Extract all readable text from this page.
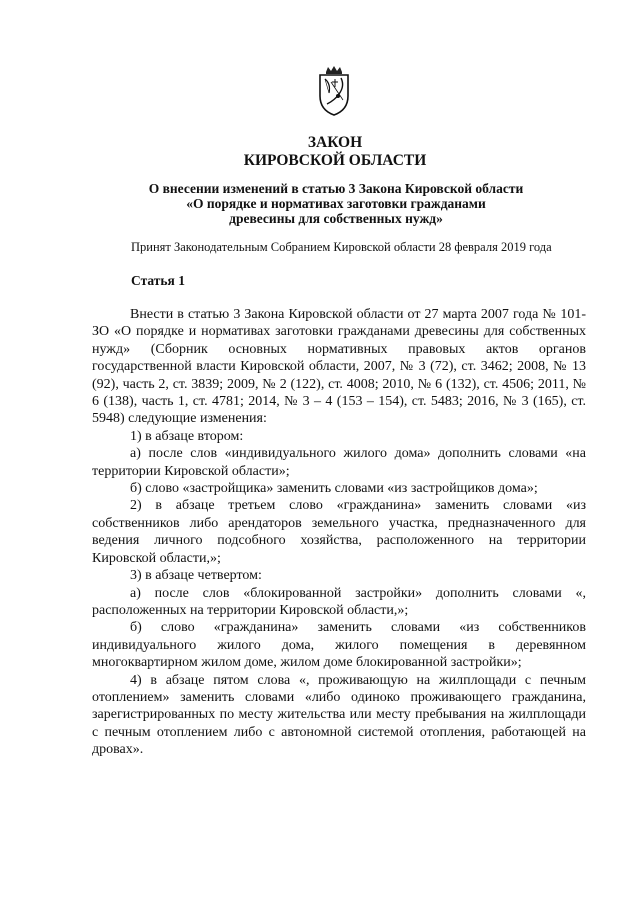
ЗАКОН
КИРОВСКОЙ ОБЛАСТИ
О внесении изменений в статью 3 Закона Кировской области
«О порядке и нормативах заготовки гражданами
древесины для собственных нужд»
Принят Законодательным Собранием Кировской области 28 февраля 2019 года
Статья 1

Внести в статью 3 Закона Кировской области от 27 марта 2007 года № 101-ЗО «О порядке и нормативах заготовки гражданами древесины для собственных нужд» (Сборник основных нормативных правовых актов органов государственной власти Кировской области, 2007, № 3 (72), ст. 3462; 2008, № 13 (92), часть 2, ст. 3839; 2009, № 2 (122), ст. 4008; 2010, № 6 (132), ст. 4506; 2011, № 6 (138), часть 1, ст. 4781; 2014, № 3 – 4 (153 – 154), ст. 5483; 2016, № 3 (165), ст. 5948) следующие изменения:

1) в абзаце втором:

а) после слов «индивидуального жилого дома» дополнить словами «на территории Кировской области»;

б) слово «застройщика» заменить словами «из застройщиков дома»;

2) в абзаце третьем слово «гражданина» заменить словами «из собственников либо арендаторов земельного участка, предназначенного для ведения личного подсобного хозяйства, расположенного на территории Кировской области,»;

3) в абзаце четвертом:

а) после слов «блокированной застройки» дополнить словами «, расположенных на территории Кировской области,»;

б) слово «гражданина» заменить словами «из собственников индивидуального жилого дома, жилого помещения в деревянном многоквартирном жилом доме, жилом доме блокированной застройки»;

4) в абзаце пятом слова «, проживающую на жилплощади с печным отоплением» заменить словами «либо одиноко проживающего гражданина, зарегистрированных по месту жительства или месту пребывания на жилплощади с печным отоплением либо с автономной системой отопления, работающей на дровах».
